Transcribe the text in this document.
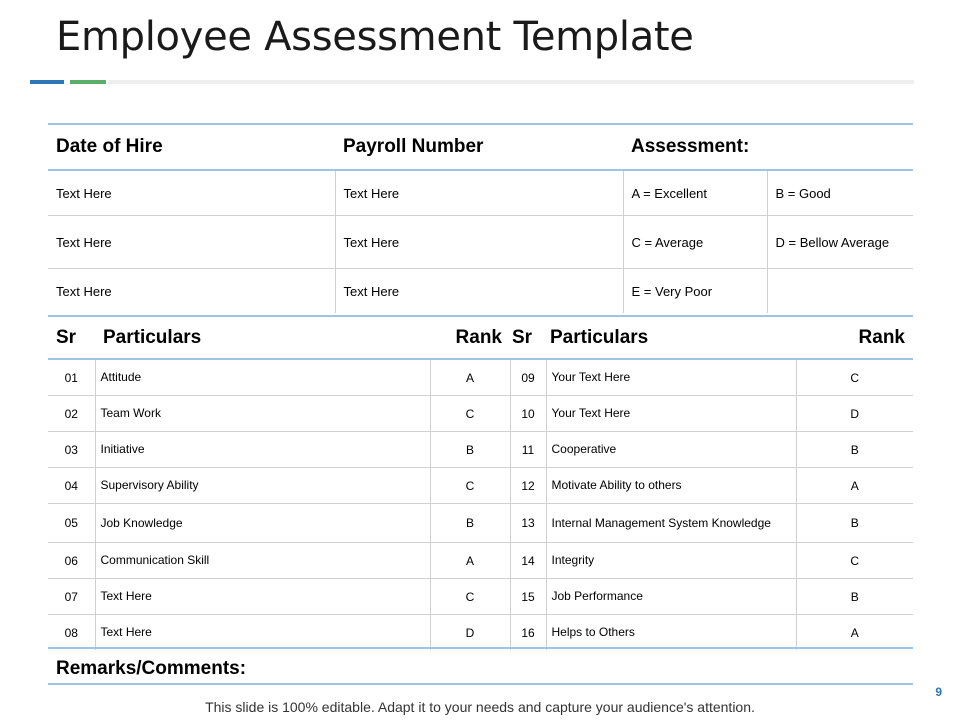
Employee Assessment Template
Date of Hire	Payroll Number	Assessment:	
Text Here	Text Here	A = Excellent	B = Good
Text Here	Text Here	C = Average	D = Bellow Average
Text Here	Text Here	E = Very Poor	
Sr	Particulars	Rank	Sr	Particulars	Rank
01	Attitude	A	09	Your Text Here	C
02	Team Work	C	10	Your Text Here	D
03	Initiative	B	11	Cooperative	B
04	Supervisory Ability	C	12	Motivate Ability to others	A
05	Job Knowledge	B	13	Internal Management System Knowledge	B
06	Communication Skill	A	14	Integrity	C
07	Text Here	C	15	Job Performance	B
08	Text Here	D	16	Helps to Others	A
Remarks/Comments:
This slide is 100% editable. Adapt it to your needs and capture your audience's attention.
9
